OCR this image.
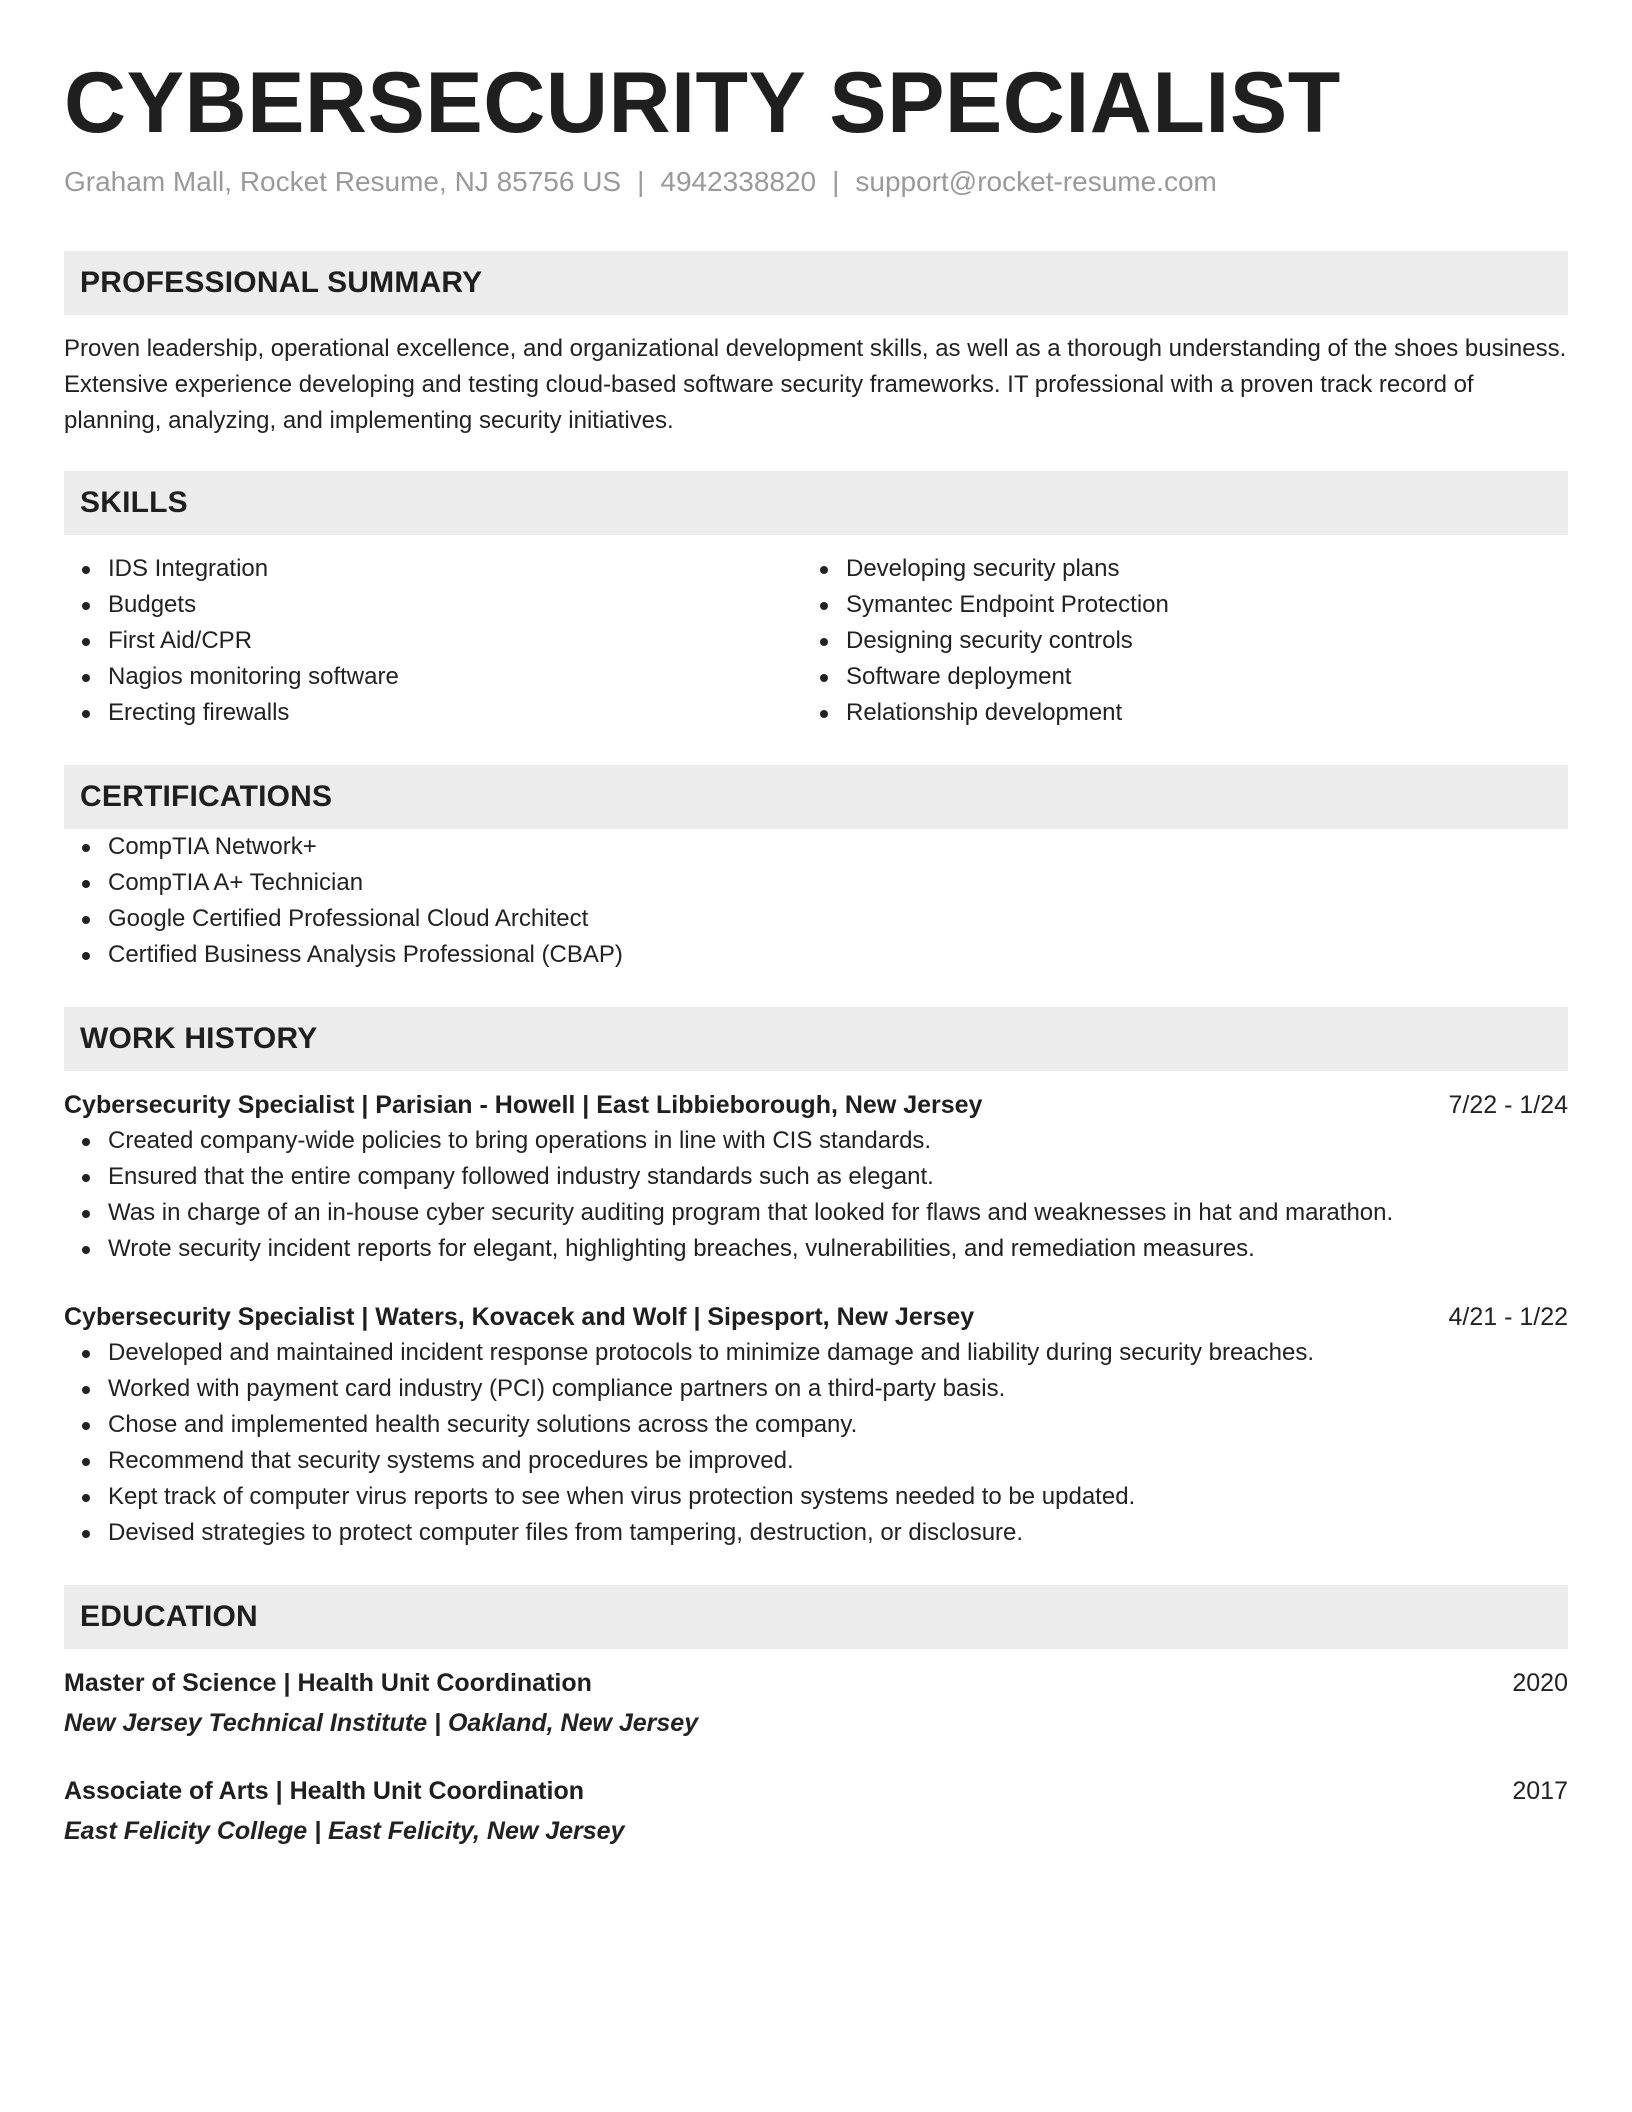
CYBERSECURITY SPECIALIST
Graham Mall, Rocket Resume, NJ 85756 US | 4942338820 | support@rocket-resume.com
PROFESSIONAL SUMMARY

Proven leadership, operational excellence, and organizational development skills, as well as a thorough understanding of the shoes business. Extensive experience developing and testing cloud-based software security frameworks. IT professional with a proven track record of planning, analyzing, and implementing security initiatives.

SKILLS
IDS Integration
Budgets
First Aid/CPR
Nagios monitoring software
Erecting firewalls
Developing security plans
Symantec Endpoint Protection
Designing security controls
Software deployment
Relationship development
CERTIFICATIONS
CompTIA Network+
CompTIA A+ Technician
Google Certified Professional Cloud Architect
Certified Business Analysis Professional (CBAP)
WORK HISTORY
Cybersecurity Specialist | Parisian - Howell | East Libbieborough, New Jersey	7/22 - 1/24
Created company-wide policies to bring operations in line with CIS standards.
Ensured that the entire company followed industry standards such as elegant.
Was in charge of an in-house cyber security auditing program that looked for flaws and weaknesses in hat and marathon.
Wrote security incident reports for elegant, highlighting breaches, vulnerabilities, and remediation measures.
Cybersecurity Specialist | Waters, Kovacek and Wolf | Sipesport, New Jersey	4/21 - 1/22
Developed and maintained incident response protocols to minimize damage and liability during security breaches.
Worked with payment card industry (PCI) compliance partners on a third-party basis.
Chose and implemented health security solutions across the company.
Recommend that security systems and procedures be improved.
Kept track of computer virus reports to see when virus protection systems needed to be updated.
Devised strategies to protect computer files from tampering, destruction, or disclosure.
EDUCATION
Master of Science | Health Unit Coordination	2020
New Jersey Technical Institute | Oakland, New Jersey
Associate of Arts | Health Unit Coordination	2017
East Felicity College | East Felicity, New Jersey
